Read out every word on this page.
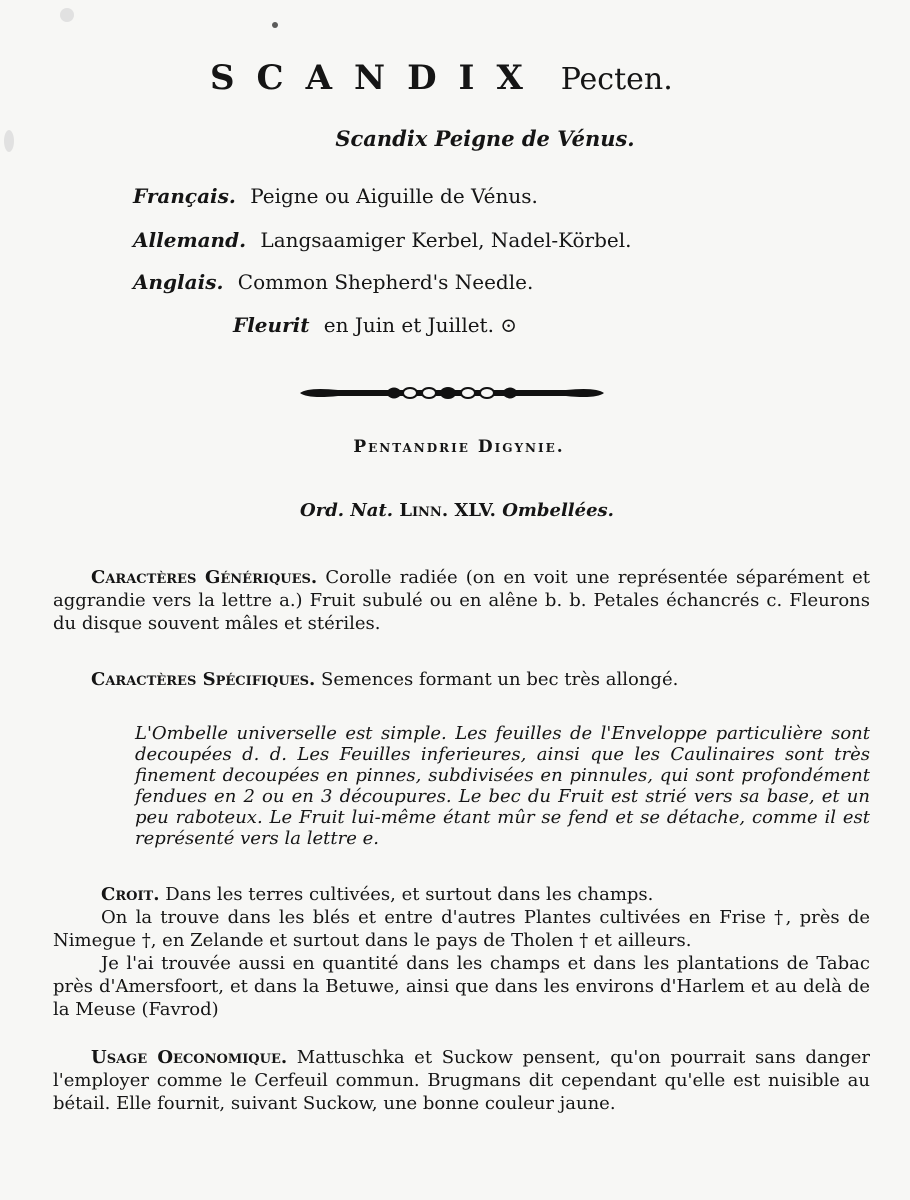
SCANDIX Pecten.
Scandix Peigne de Vénus.
Français. Peigne ou Aiguille de Vénus.
Allemand. Langsaamiger Kerbel, Nadel-Körbel.
Anglais. Common Shepherd's Needle.
Fleurit en Juin et Juillet. ⊙
Pentandrie Digynie.
Ord. Nat. Linn. XLV. Ombellées.
Caractères Génériques. Corolle radiée (on en voit une représentée séparément et aggrandie vers la lettre a.) Fruit subulé ou en alêne b. b. Petales échancrés c. Fleurons du disque souvent mâles et stériles.
Caractères Spécifiques. Semences formant un bec très allongé.
L'Ombelle universelle est simple. Les feuilles de l'Enveloppe particulière sont decoupées d. d. Les Feuilles inferieures, ainsi que les Caulinaires sont très finement decoupées en pinnes, subdivisées en pinnules, qui sont profondément fendues en 2 ou en 3 découpures. Le bec du Fruit est strié vers sa base, et un peu raboteux. Le Fruit lui-même étant mûr se fend et se détache, comme il est représenté vers la lettre e.

Croit. Dans les terres cultivées, et surtout dans les champs.

On la trouve dans les blés et entre d'autres Plantes cultivées en Frise †, près de Nimegue †, en Zelande et surtout dans le pays de Tholen † et ailleurs.

Je l'ai trouvée aussi en quantité dans les champs et dans les plantations de Tabac près d'Amersfoort, et dans la Betuwe, ainsi que dans les environs d'Harlem et au delà de la Meuse (Favrod)

Usage Oeconomique. Mattuschka et Suckow pensent, qu'on pourrait sans danger l'employer comme le Cerfeuil commun. Brugmans dit cependant qu'elle est nuisible au bétail. Elle fournit, suivant Suckow, une bonne couleur jaune.
